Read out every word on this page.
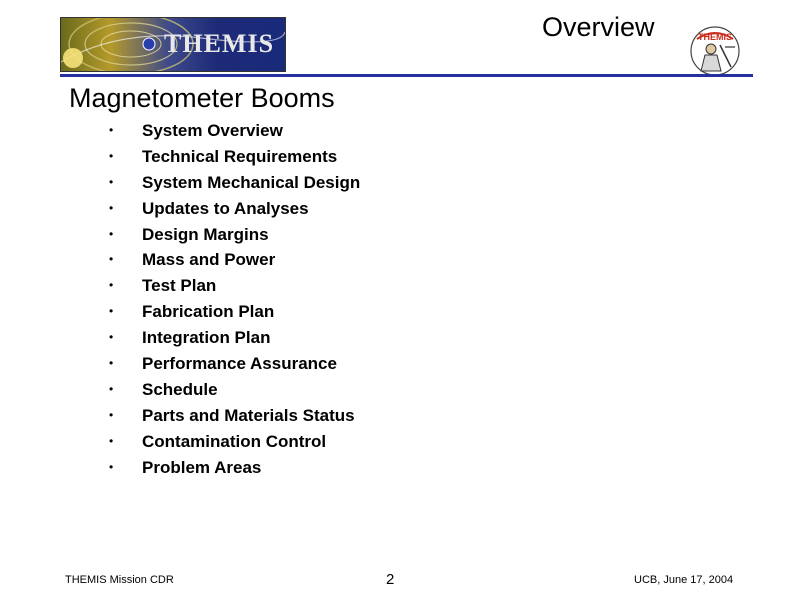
THEMIS
Overview	THEMIS
Magnetometer Booms
• System Overview
• Technical Requirements
• System Mechanical Design
• Updates to Analyses
• Design Margins
• Mass and Power
• Test Plan
• Fabrication Plan
• Integration Plan
• Performance Assurance
• Schedule
• Parts and Materials Status
• Contamination Control
• Problem Areas
THEMIS Mission CDR	2	UCB, June 17, 2004
